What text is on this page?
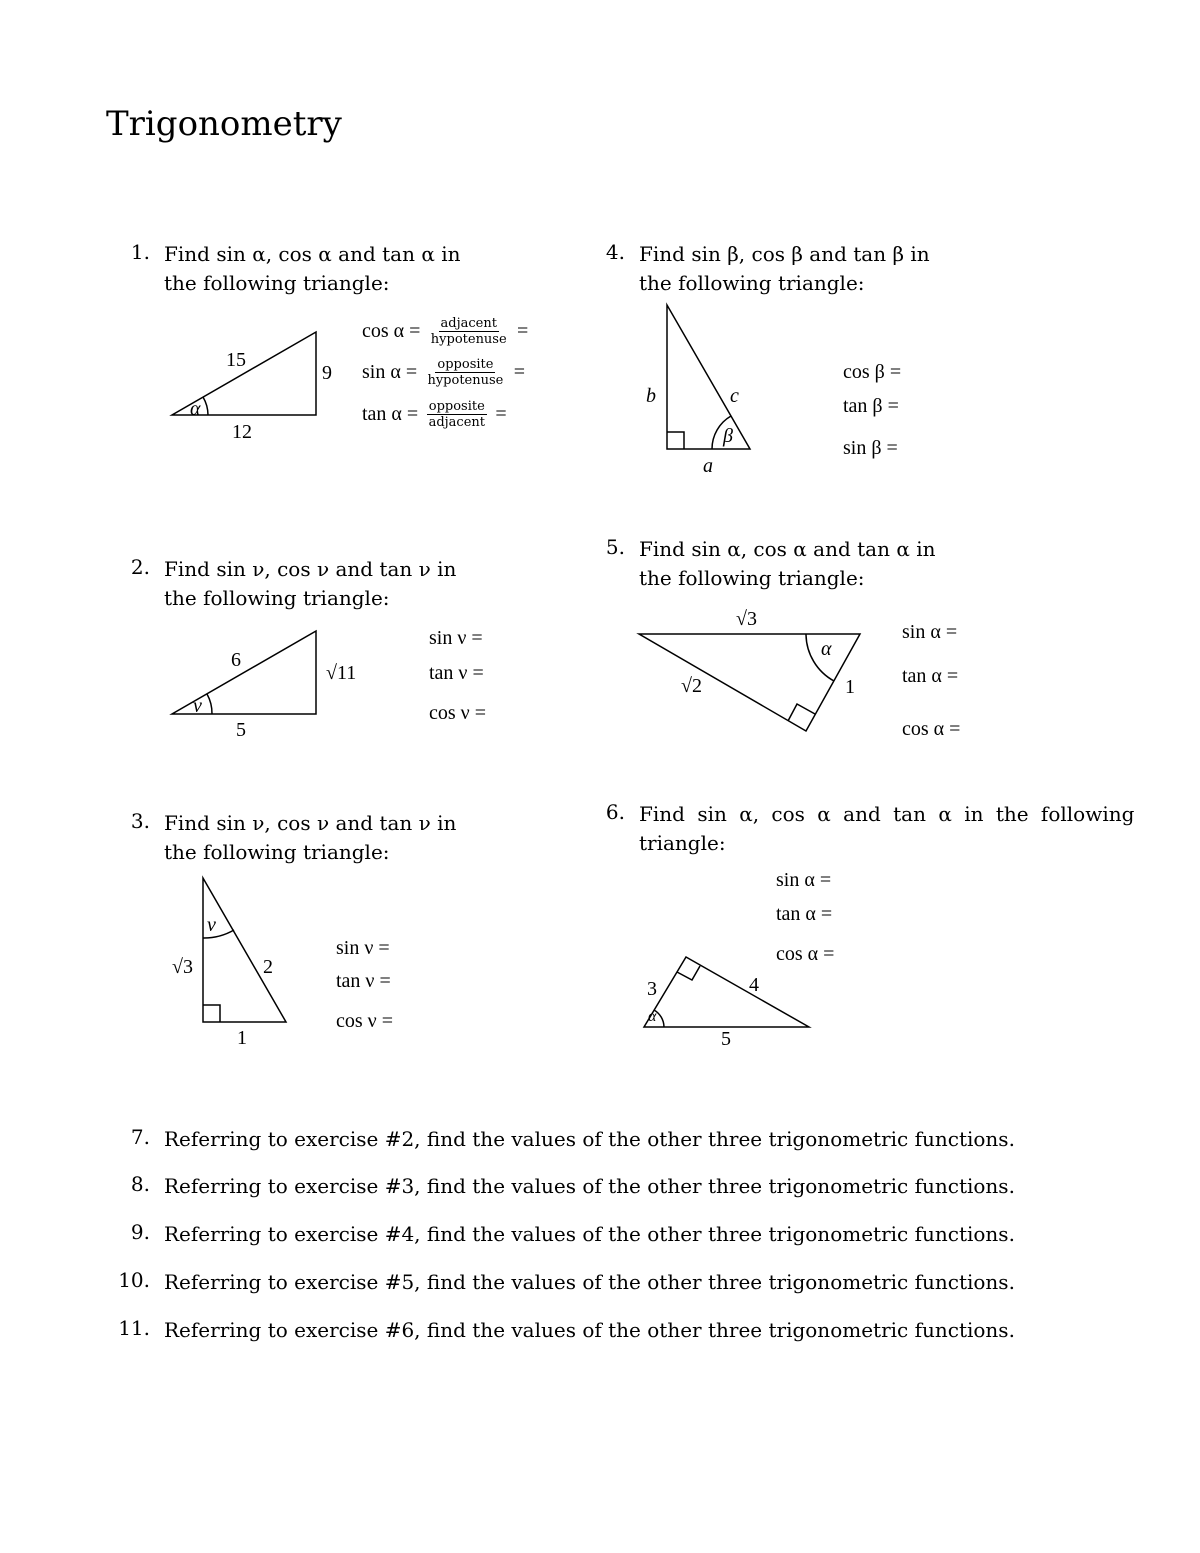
Trigonometry
1. Find sin α, cos α and tan α in
the following triangle:
15
9
12
α
$\cos \alpha = \frac{\text{adjacent}}{\text{hypotenuse}}$ =
$\sin \alpha = \frac{\text{opposite}}{\text{hypotenuse}}$ =
$\tan \alpha = \frac{\text{opposite}}{\text{adjacent}}$ =
2. Find sin ν, cos ν and tan ν in
the following triangle:
6
√11
5
ν
sin ν =
tan ν =
cos ν =
3. Find sin ν, cos ν and tan ν in
the following triangle:
ν
√3	2
1
sin ν =
tan ν =
cos ν =
4. Find sin β, cos β and tan β in
the following triangle:
b	c
a
β
cos β =
tan β =
sin β =
5. Find sin α, cos α and tan α in
the following triangle:
√3
α
√2	1
sin α =
tan α =
cos α =
6. Find sin α, cos α and tan α in the following
triangle:
3	4
5
α
sin α =
tan α =
cos α =
7. Referring to exercise #2, find the values of the other three trigonometric functions.
8. Referring to exercise #3, find the values of the other three trigonometric functions.
9. Referring to exercise #4, find the values of the other three trigonometric functions.
10. Referring to exercise #5, find the values of the other three trigonometric functions.
11. Referring to exercise #6, find the values of the other three trigonometric functions.
